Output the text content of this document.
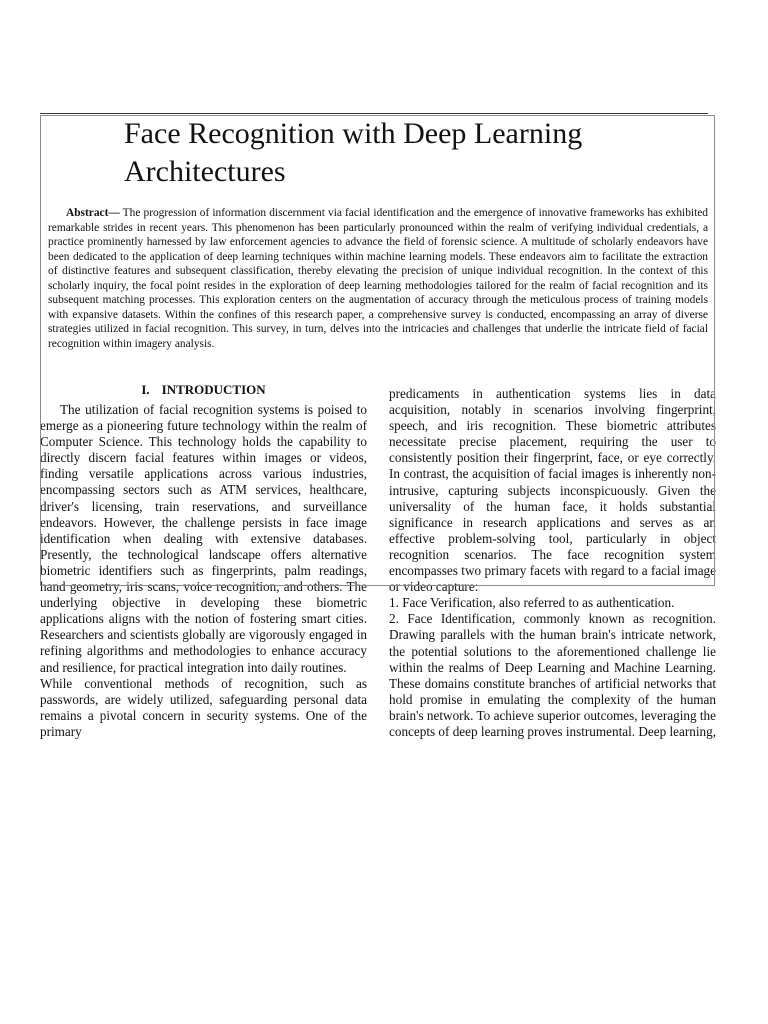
Face Recognition with Deep Learning Architectures

Abstract— The progression of information discernment via facial identification and the emergence of innovative frameworks has exhibited remarkable strides in recent years. This phenomenon has been particularly pronounced within the realm of verifying individual credentials, a practice prominently harnessed by law enforcement agencies to advance the field of forensic science. A multitude of scholarly endeavors have been dedicated to the application of deep learning techniques within machine learning models. These endeavors aim to facilitate the extraction of distinctive features and subsequent classification, thereby elevating the precision of unique individual recognition. In the context of this scholarly inquiry, the focal point resides in the exploration of deep learning methodologies tailored for the realm of facial recognition and its subsequent matching processes. This exploration centers on the augmentation of accuracy through the meticulous process of training models with expansive datasets. Within the confines of this research paper, a comprehensive survey is conducted, encompassing an array of diverse strategies utilized in facial recognition. This survey, in turn, delves into the intricacies and challenges that underlie the intricate field of facial recognition within imagery analysis.

I. INTRODUCTION

The utilization of facial recognition systems is poised to emerge as a pioneering future technology within the realm of Computer Science. This technology holds the capability to directly discern facial features within images or videos, finding versatile applications across various industries, encompassing sectors such as ATM services, healthcare, driver's licensing, train reservations, and surveillance endeavors. However, the challenge persists in face image identification when dealing with extensive databases. Presently, the technological landscape offers alternative biometric identifiers such as fingerprints, palm readings, hand geometry, iris scans, voice recognition, and others. The underlying objective in developing these biometric applications aligns with the notion of fostering smart cities. Researchers and scientists globally are vigorously engaged in refining algorithms and methodologies to enhance accuracy and resilience, for practical integration into daily routines.

While conventional methods of recognition, such as passwords, are widely utilized, safeguarding personal data remains a pivotal concern in security systems. One of the primary

predicaments in authentication systems lies in data acquisition, notably in scenarios involving fingerprint, speech, and iris recognition. These biometric attributes necessitate precise placement, requiring the user to consistently position their fingerprint, face, or eye correctly. In contrast, the acquisition of facial images is inherently non-intrusive, capturing subjects inconspicuously. Given the universality of the human face, it holds substantial significance in research applications and serves as an effective problem-solving tool, particularly in object recognition scenarios. The face recognition system encompasses two primary facets with regard to a facial image or video capture:

1. Face Verification, also referred to as authentication.

2. Face Identification, commonly known as recognition. Drawing parallels with the human brain's intricate network, the potential solutions to the aforementioned challenge lie within the realms of Deep Learning and Machine Learning. These domains constitute branches of artificial networks that hold promise in emulating the complexity of the human brain's network. To achieve superior outcomes, leveraging the concepts of deep learning proves instrumental. Deep learning,
